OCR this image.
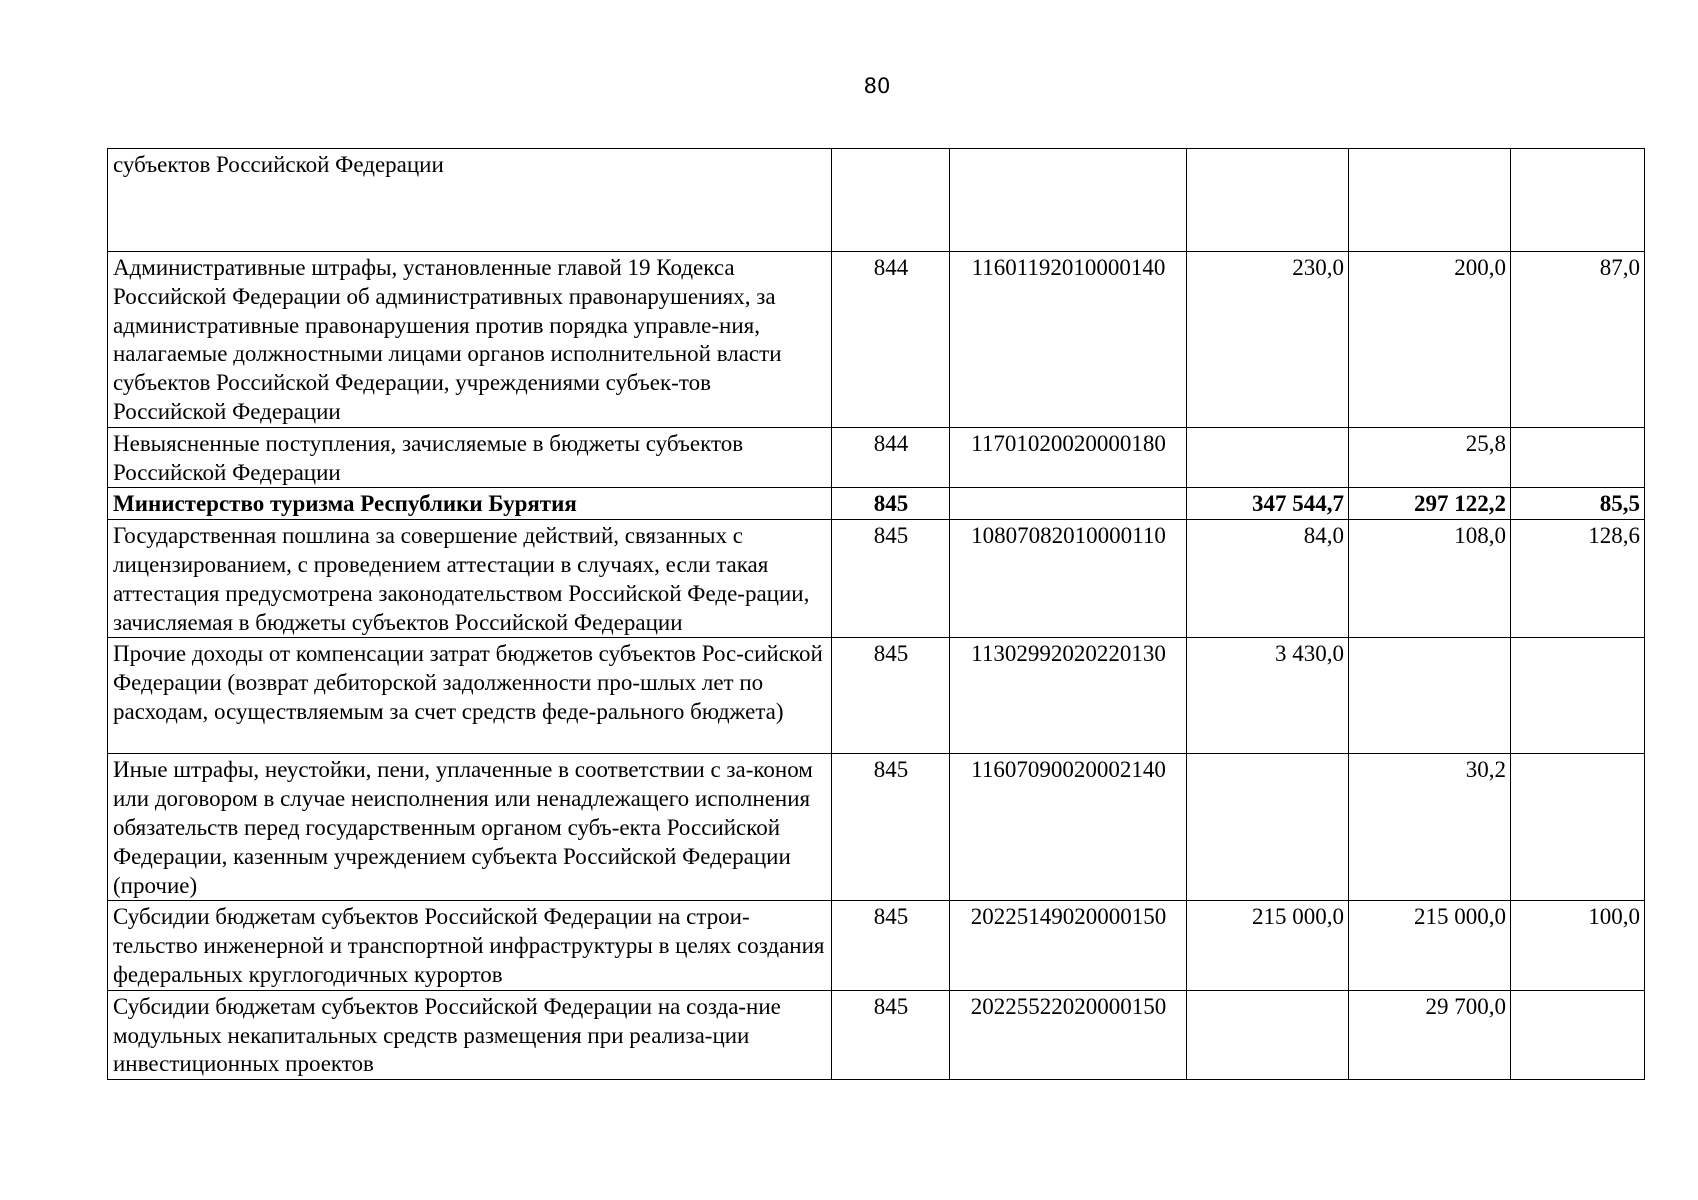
80
субъектов Российской Федерации					
Административные штрафы, установленные главой 19 Кодекса Российской Федерации об административных правонарушениях, за административные правонарушения против порядка управле-ния, налагаемые должностными лицами органов исполнительной власти субъектов Российской Федерации, учреждениями субъек-тов Российской Федерации	844	11601192010000140	230,0	200,0	87,0
Невыясненные поступления, зачисляемые в бюджеты субъектов Российской Федерации	844	11701020020000180		25,8	
Министерство туризма Республики Бурятия	845		347 544,7	297 122,2	85,5
Государственная пошлина за совершение действий, связанных с лицензированием, с проведением аттестации в случаях, если такая аттестация предусмотрена законодательством Российской Феде-рации, зачисляемая в бюджеты субъектов Российской Федерации	845	10807082010000110	84,0	108,0	128,6
Прочие доходы от компенсации затрат бюджетов субъектов Рос-сийской Федерации (возврат дебиторской задолженности про-шлых лет по расходам, осуществляемым за счет средств феде-рального бюджета)	845	11302992020220130	3 430,0		
Иные штрафы, неустойки, пени, уплаченные в соответствии с за-коном или договором в случае неисполнения или ненадлежащего исполнения обязательств перед государственным органом субъ-екта Российской Федерации, казенным учреждением субъекта Российской Федерации (прочие)	845	11607090020002140		30,2	
Субсидии бюджетам субъектов Российской Федерации на строи-тельство инженерной и транспортной инфраструктуры в целях создания федеральных круглогодичных курортов	845	20225149020000150	215 000,0	215 000,0	100,0
Субсидии бюджетам субъектов Российской Федерации на созда-ние модульных некапитальных средств размещения при реализа-ции инвестиционных проектов	845	20225522020000150		29 700,0	
